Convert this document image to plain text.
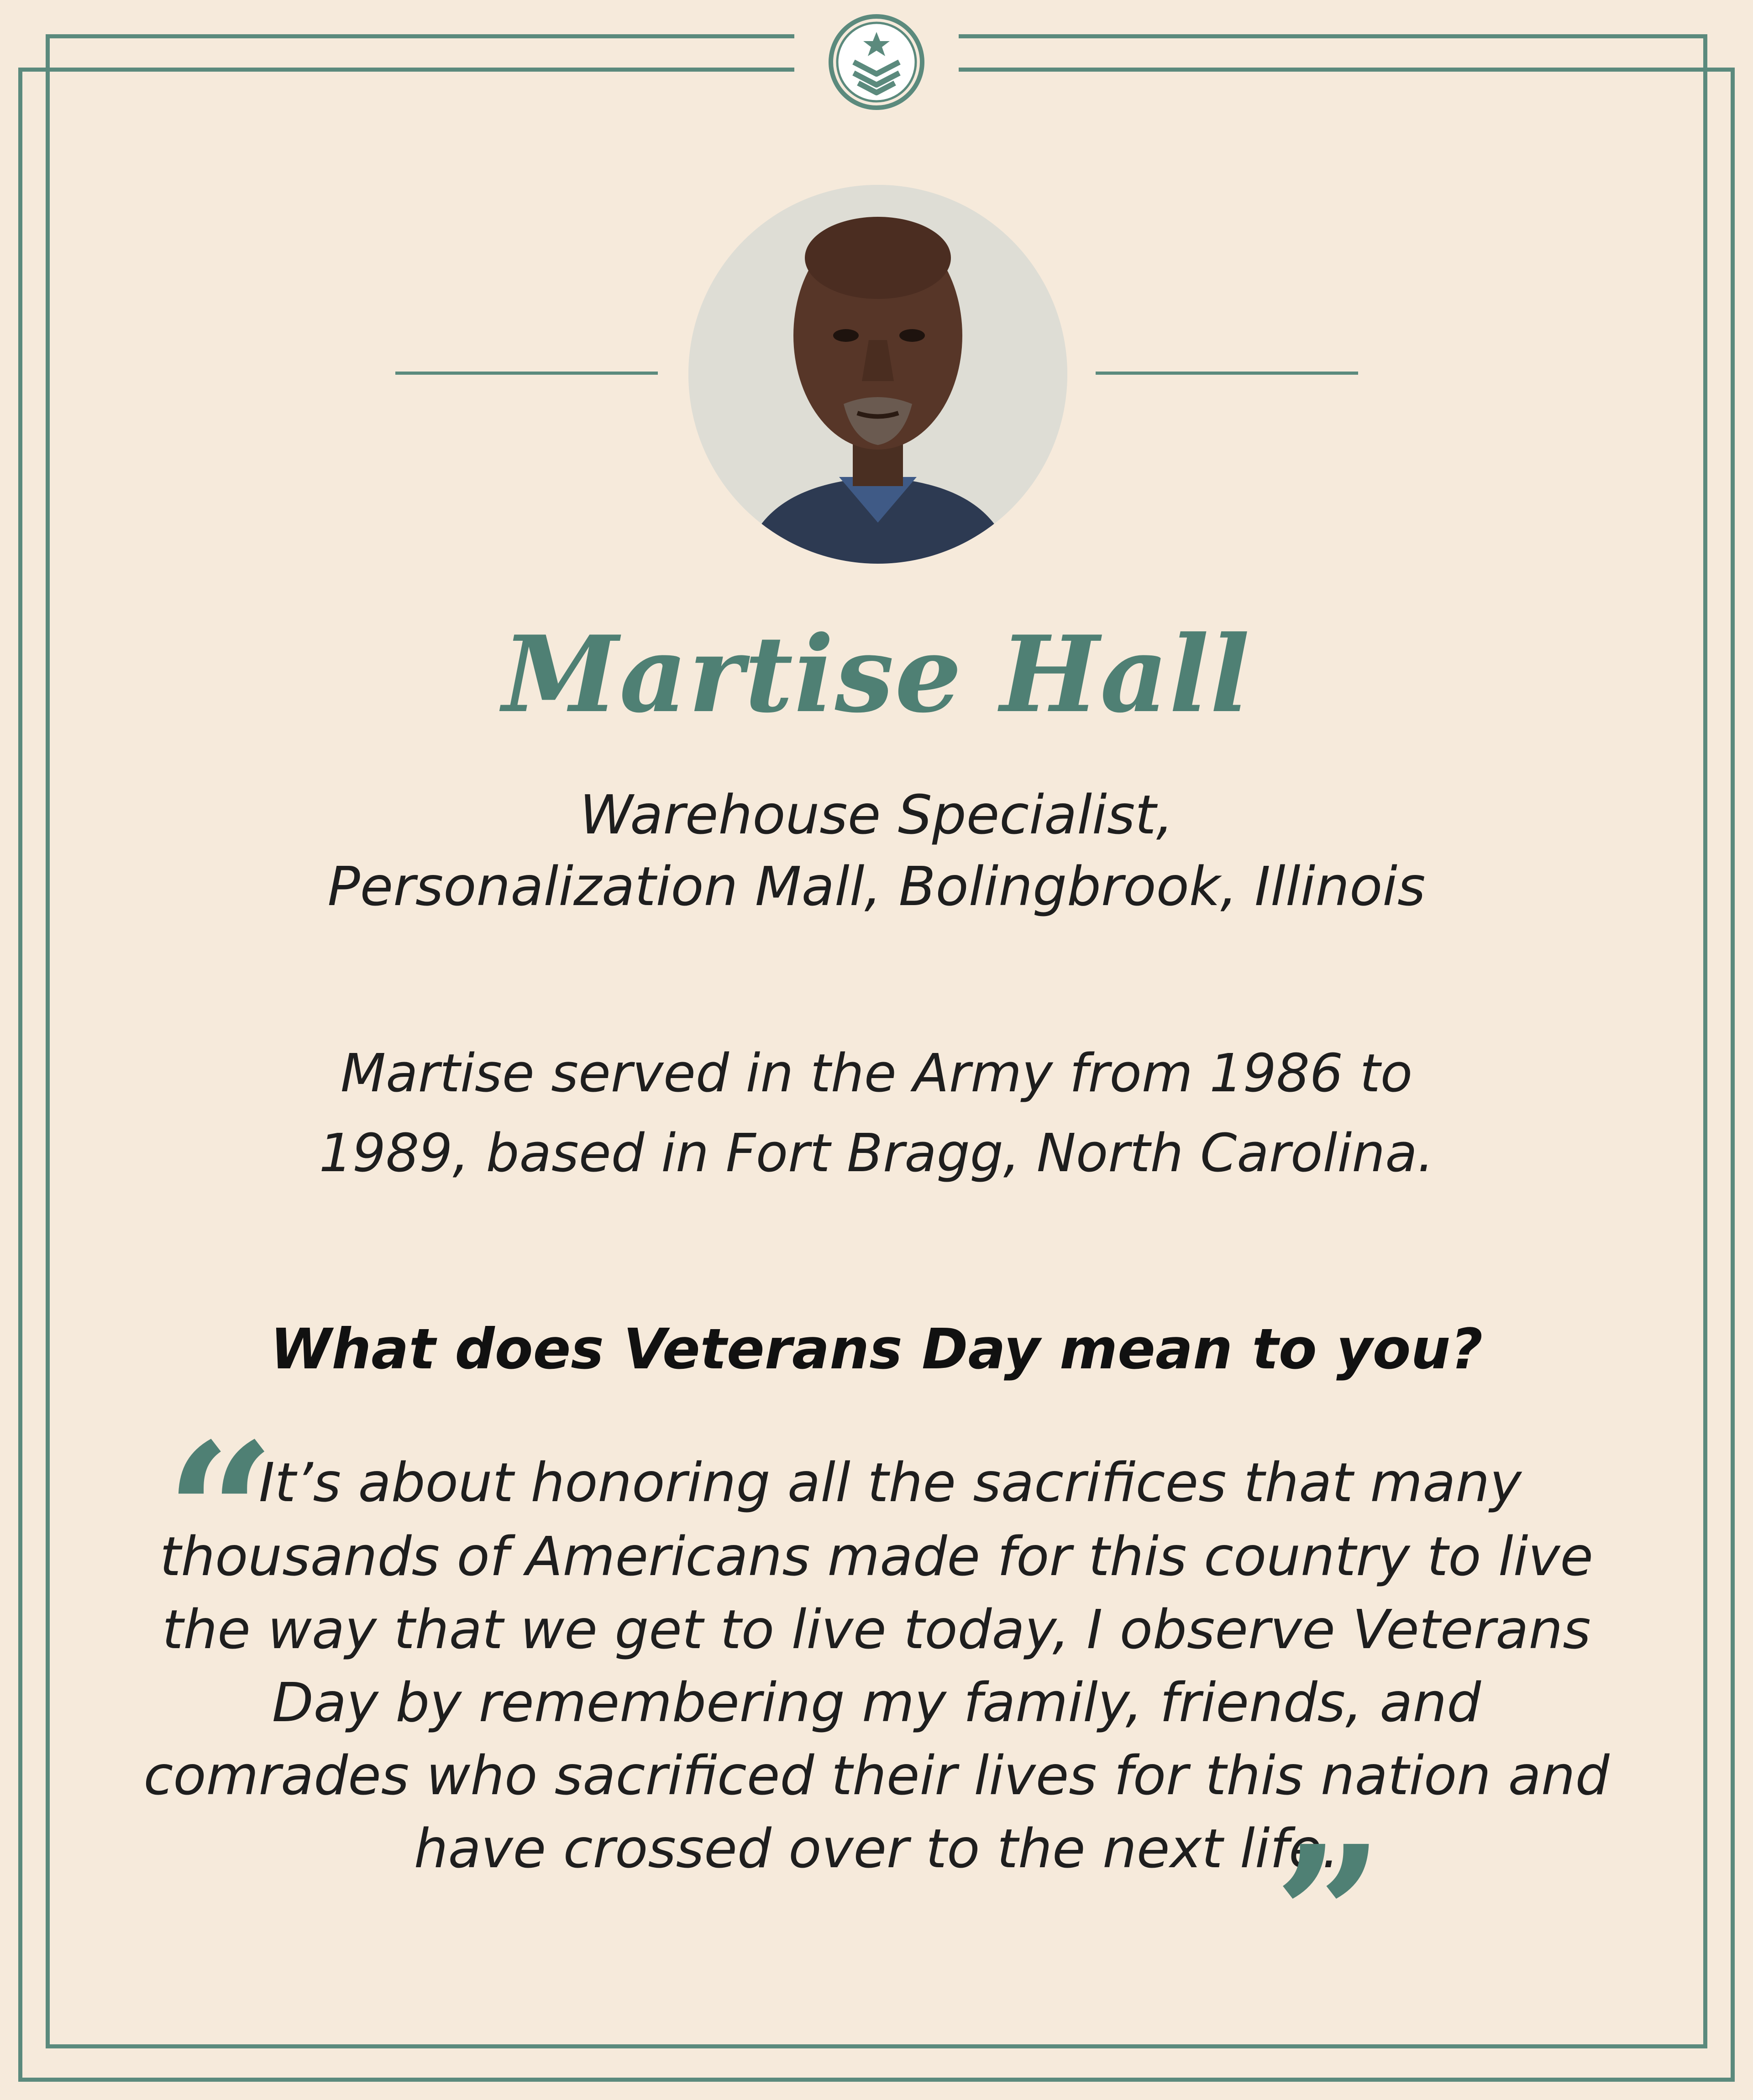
Martise Hall
Warehouse Specialist,
Personalization Mall, Bolingbrook, Illinois
Martise served in the Army from 1986 to
1989, based in Fort Bragg, North Carolina.
What does Veterans Day mean to you?
“
It’s about honoring all the sacrifices that many
thousands of Americans made for this country to live
the way that we get to live today, I observe Veterans
Day by remembering my family, friends, and
comrades who sacrificed their lives for this nation and
have crossed over to the next life.
”
